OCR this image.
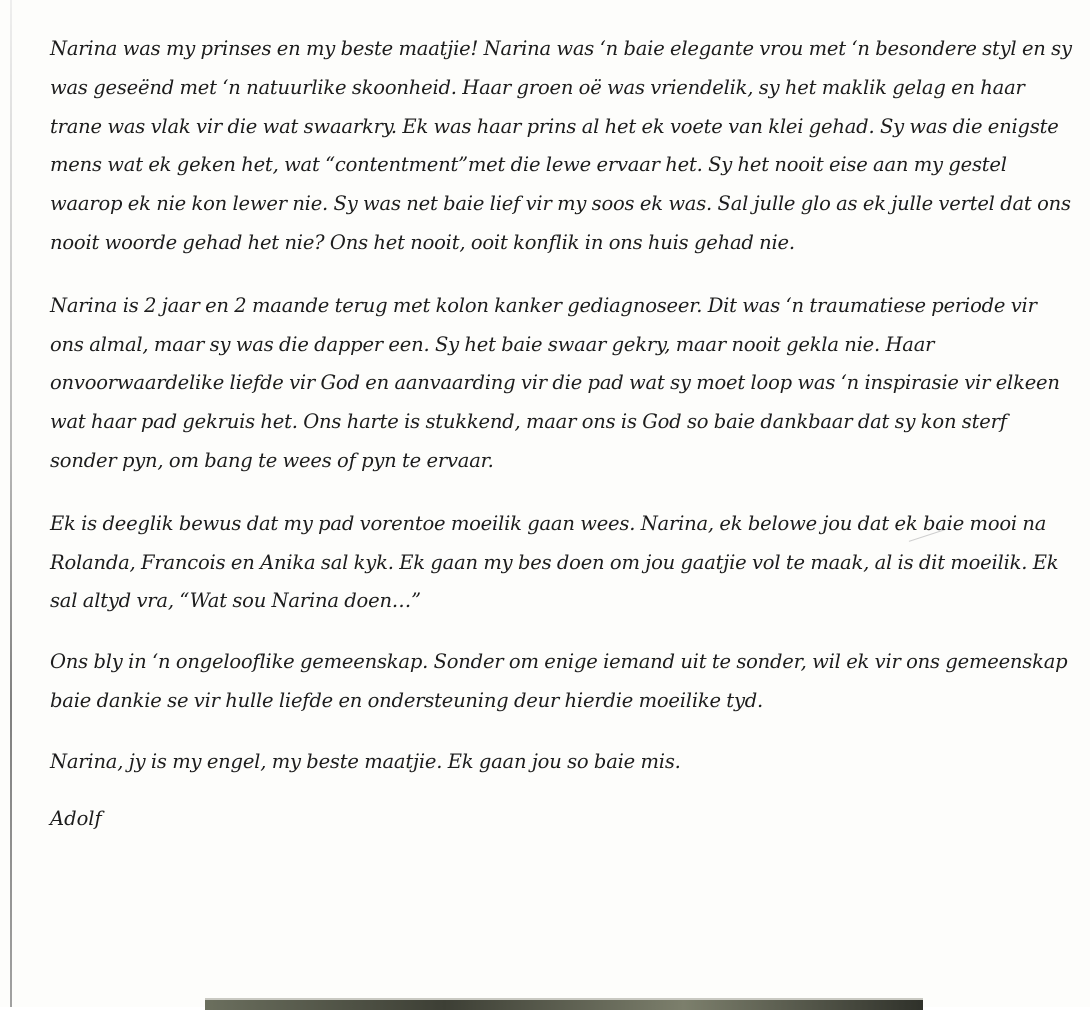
Narina was my prinses en my beste maatjie! Narina was ‘n baie elegante vrou met ‘n besondere styl en sy was geseënd met ‘n natuurlike skoonheid. Haar groen oë was vriendelik, sy het maklik gelag en haar trane was vlak vir die wat swaarkry. Ek was haar prins al het ek voete van klei gehad. Sy was die enigste mens wat ek geken het, wat “contentment”met die lewe ervaar het. Sy het nooit eise aan my gestel waarop ek nie kon lewer nie. Sy was net baie lief vir my soos ek was. Sal julle glo as ek julle vertel dat ons nooit woorde gehad het nie? Ons het nooit, ooit konflik in ons huis gehad nie.

Narina is 2 jaar en 2 maande terug met kolon kanker gediagnoseer. Dit was ‘n traumatiese periode vir ons almal, maar sy was die dapper een. Sy het baie swaar gekry, maar nooit gekla nie. Haar onvoorwaardelike liefde vir God en aanvaarding vir die pad wat sy moet loop was ‘n inspirasie vir elkeen wat haar pad gekruis het. Ons harte is stukkend, maar ons is God so baie dankbaar dat sy kon sterf sonder pyn, om bang te wees of pyn te ervaar.

Ek is deeglik bewus dat my pad vorentoe moeilik gaan wees. Narina, ek belowe jou dat ek baie mooi na Rolanda, Francois en Anika sal kyk. Ek gaan my bes doen om jou gaatjie vol te maak, al is dit moeilik. Ek sal altyd vra, “Wat sou Narina doen…”

Ons bly in ‘n ongelooflike gemeenskap. Sonder om enige iemand uit te sonder, wil ek vir ons gemeenskap baie dankie se vir hulle liefde en ondersteuning deur hierdie moeilike tyd.

Narina, jy is my engel, my beste maatjie. Ek gaan jou so baie mis.

Adolf
